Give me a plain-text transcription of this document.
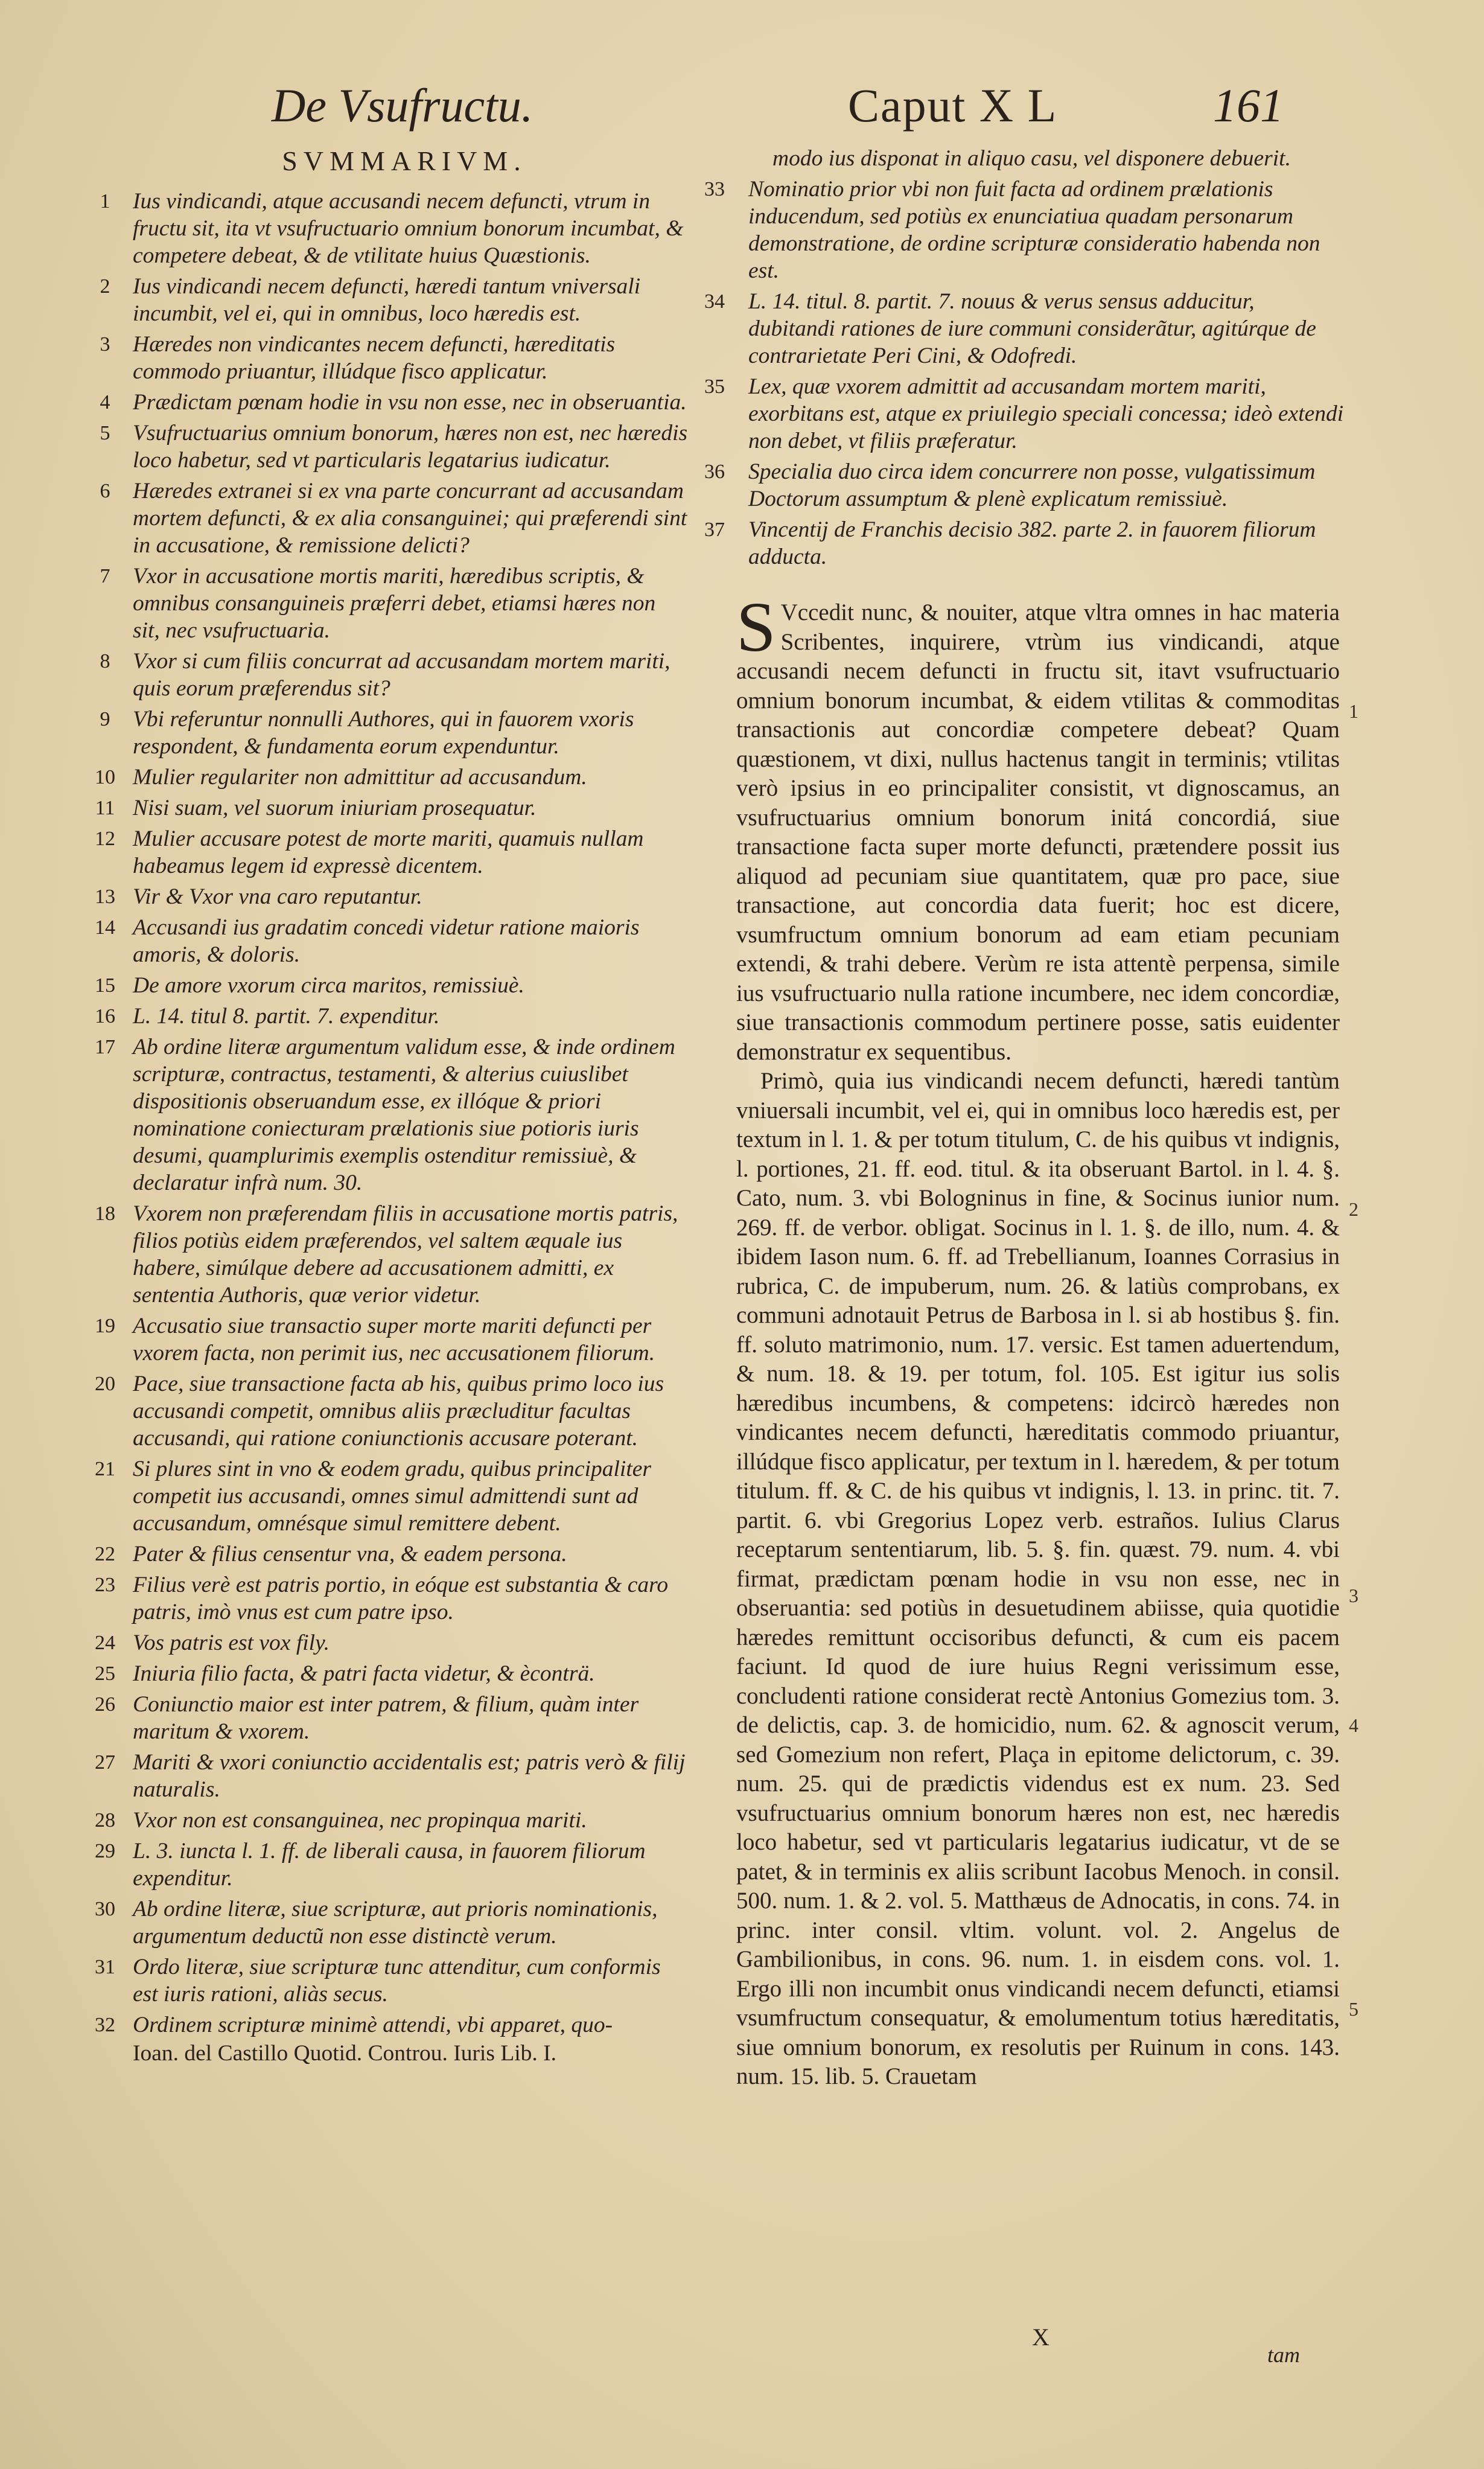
De Vsufructu.	Caput X L	161
SVMMARIVM.
1	Ius vindicandi, atque accusandi necem defuncti, vtrum in fructu sit, ita vt vsufructuario omnium bonorum incumbat, & competere debeat, & de vtilitate huius Quæstionis.
2	Ius vindicandi necem defuncti, hæredi tantum vniversali incumbit, vel ei, qui in omnibus, loco hæredis est.
3	Hæredes non vindicantes necem defuncti, hæreditatis commodo priuantur, illúdque fisco applicatur.
4	Prædictam pœnam hodie in vsu non esse, nec in obseruantia.
5	Vsufructuarius omnium bonorum, hæres non est, nec hæredis loco habetur, sed vt particularis legatarius iudicatur.
6	Hæredes extranei si ex vna parte concurrant ad accusandam mortem defuncti, & ex alia consanguinei; qui præferendi sint in accusatione, & remissione delicti?
7	Vxor in accusatione mortis mariti, hæredibus scriptis, & omnibus consanguineis præferri debet, etiamsi hæres non sit, nec vsufructuaria.
8	Vxor si cum filiis concurrat ad accusandam mortem mariti, quis eorum præferendus sit?
9	Vbi referuntur nonnulli Authores, qui in fauorem vxoris respondent, & fundamenta eorum expenduntur.
10 Mulier regulariter non admittitur ad accusandum.
11 Nisi suam, vel suorum iniuriam prosequatur.
12 Mulier accusare potest de morte mariti, quamuis nullam habeamus legem id expressè dicentem.
13 Vir & Vxor vna caro reputantur.
14 Accusandi ius gradatim concedi videtur ratione maioris amoris, & doloris.
15 De amore vxorum circa maritos, remissiuè.
16 L. 14. titul 8. partit. 7. expenditur.
17 Ab ordine literæ argumentum validum esse, & inde ordinem scripturæ, contractus, testamenti, & alterius cuiuslibet dispositionis obseruandum esse, ex illóque & priori nominatione coniecturam prælationis siue potioris iuris desumi, quamplurimis exemplis ostenditur remissiuè, & declaratur infrà num. 30.
18 Vxorem non præferendam filiis in accusatione mortis patris, filios potiùs eidem præferendos, vel saltem æquale ius habere, simúlque debere ad accusationem admitti, ex sententia Authoris, quæ verior videtur.
19 Accusatio siue transactio super morte mariti defuncti per vxorem facta, non perimit ius, nec accusationem filiorum.
20 Pace, siue transactione facta ab his, quibus primo loco ius accusandi competit, omnibus aliis præcluditur facultas accusandi, qui ratione coniunctionis accusare poterant.
21 Si plures sint in vno & eodem gradu, quibus principaliter competit ius accusandi, omnes simul admittendi sunt ad accusandum, omnésque simul remittere debent.
22 Pater & filius censentur vna, & eadem persona.
23 Filius verè est patris portio, in eóque est substantia & caro patris, imò vnus est cum patre ipso.
24 Vos patris est vox fily.
25 Iniuria filio facta, & patri facta videtur, & èconträ.
26 Coniunctio maior est inter patrem, & filium, quàm inter maritum & vxorem.
27 Mariti & vxori coniunctio accidentalis est; patris verò & filij naturalis.
28 Vxor non est consanguinea, nec propinqua mariti.
29 L. 3. iuncta l. 1. ff. de liberali causa, in fauorem filiorum expenditur.
30 Ab ordine literæ, siue scripturæ, aut prioris nominationis, argumentum deductũ non esse distinctè verum.
31 Ordo literæ, siue scripturæ tunc attenditur, cum conformis est iuris rationi, aliàs secus.
32 Ordinem scripturæ minimè attendi, vbi apparet, quo-
Ioan. del Castillo Quotid. Controu. Iuris Lib. I.
modo ius disponat in aliquo casu, vel disponere debuerit.
33	Nominatio prior vbi non fuit facta ad ordinem prælationis inducendum, sed potiùs ex enunciatiua quadam personarum demonstratione, de ordine scripturæ consideratio habenda non est.
34	L. 14. titul. 8. partit. 7. nouus & verus sensus adducitur, dubitandi rationes de iure communi considerãtur, agitúrque de contrarietate Peri Cini, & Odofredi.
35	Lex, quæ vxorem admittit ad accusandam mortem mariti, exorbitans est, atque ex priuilegio speciali concessa; ideò extendi non debet, vt filiis præferatur.
36	Specialia duo circa idem concurrere non posse, vulgatissimum Doctorum assumptum & plenè explicatum remissiuè.
37	Vincentij de Franchis decisio 382. parte 2. in fauorem filiorum adducta.

S Vccedit nunc, & nouiter, atque vltra omnes in hac materia Scribentes, inquirere, vtrùm ius vindicandi, atque accusandi necem defuncti in fructu sit, itavt vsufructuario omnium bonorum incumbat, & eidem vtilitas & commoditas transactionis aut concordiæ competere debeat? Quam quæstionem, vt dixi, nullus hactenus tangit in terminis; vtilitas verò ipsius in eo principaliter consistit, vt dignoscamus, an vsufructuarius omnium bonorum initá concordiá, siue transactione facta super morte defuncti, prætendere possit ius aliquod ad pecuniam siue quantitatem, quæ pro pace, siue transactione, aut concordia data fuerit; hoc est dicere, vsumfructum omnium bonorum ad eam etiam pecuniam extendi, & trahi debere. Verùm re ista attentè perpensa, simile ius vsufructuario nulla ratione incumbere, nec idem concordiæ, siue transactionis commodum pertinere posse, satis euidenter demonstratur ex sequentibus.

Primò, quia ius vindicandi necem defuncti, hæredi tantùm vniuersali incumbit, vel ei, qui in omnibus loco hæredis est, per textum in l. 1. & per totum titulum, C. de his quibus vt indignis, l. portiones, 21. ff. eod. titul. & ita obseruant Bartol. in l. 4. §. Cato, num. 3. vbi Bologninus in fine, & Socinus iunior num. 269. ff. de verbor. obligat. Socinus in l. 1. §. de illo, num. 4. & ibidem Iason num. 6. ff. ad Trebellianum, Ioannes Corrasius in rubrica, C. de impuberum, num. 26. & latiùs comprobans, ex communi adnotauit Petrus de Barbosa in l. si ab hostibus §. fin. ff. soluto matrimonio, num. 17. versic. Est tamen aduertendum, & num. 18. & 19. per totum, fol. 105. Est igitur ius solis hæredibus incumbens, & competens: idcircò hæredes non vindicantes necem defuncti, hæreditatis commodo priuantur, illúdque fisco applicatur, per textum in l. hæredem, & per totum titulum. ff. & C. de his quibus vt indignis, l. 13. in princ. tit. 7. partit. 6. vbi Gregorius Lopez verb. estraños. Iulius Clarus receptarum sententiarum, lib. 5. §. fin. quæst. 79. num. 4. vbi firmat, prædictam pœnam hodie in vsu non esse, nec in obseruantia: sed potiùs in desuetudinem abiisse, quia quotidie hæredes remittunt occisoribus defuncti, & cum eis pacem faciunt. Id quod de iure huius Regni verissimum esse, concludenti ratione considerat rectè Antonius Gomezius tom. 3. de delictis, cap. 3. de homicidio, num. 62. & agnoscit verum, sed Gomezium non refert, Plaça in epitome delictorum, c. 39. num. 25. qui de prædictis videndus est ex num. 23. Sed vsufructuarius omnium bonorum hæres non est, nec hæredis loco habetur, sed vt particularis legatarius iudicatur, vt de se patet, & in terminis ex aliis scribunt Iacobus Menoch. in consil. 500. num. 1. & 2. vol. 5. Matthæus de Adnocatis, in cons. 74. in princ. inter consil. vltim. volunt. vol. 2. Angelus de Gambilionibus, in cons. 96. num. 1. in eisdem cons. vol. 1. Ergo illi non incumbit onus vindicandi necem defuncti, etiamsi vsumfructum consequatur, & emolumentum totius hæreditatis, siue omnium bonorum, ex resolutis per Ruinum in cons. 143. num. 15. lib. 5. Crauetam

1
2
3
4
5
X
tam
